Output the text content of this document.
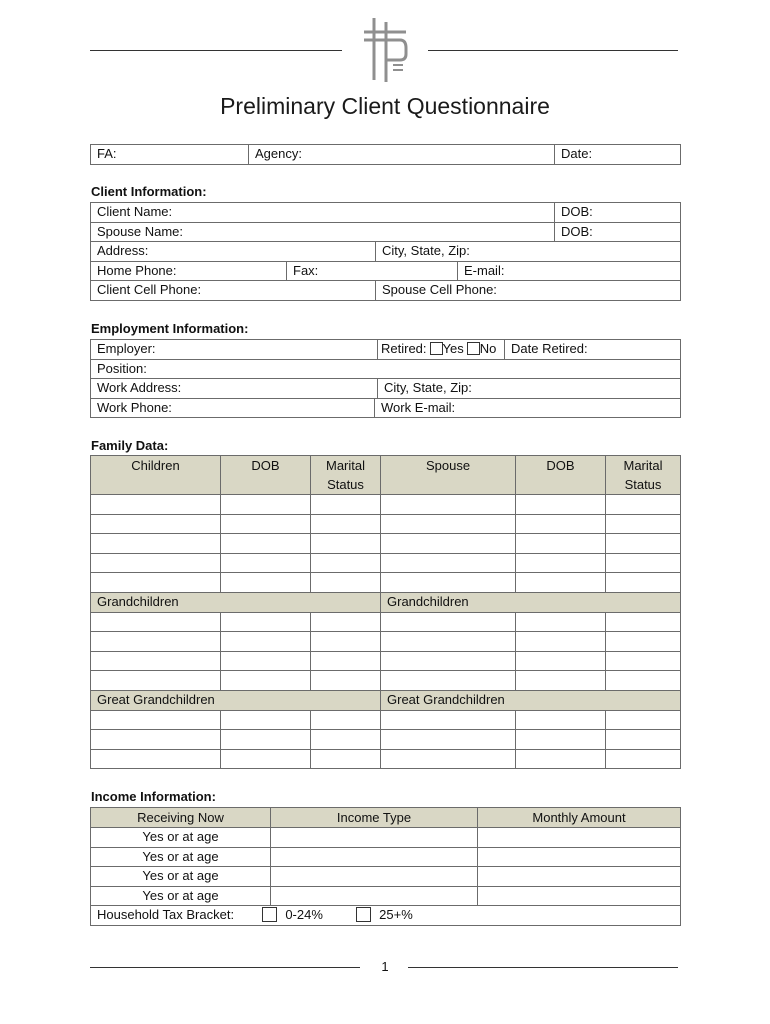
Preliminary Client Questionnaire
FA:	Agency:	Date:
Client Information:
Client Name:				DOB:
Spouse Name:				DOB:
Address:		City, State, Zip:		
Home Phone:	Fax:		E-mail:	
Client Cell Phone:		Spouse Cell Phone:		
Employment Information:
Employer:		Retired: Yes No	Date Retired:
Position:			
Work Address:		City, State, Zip:	
Work Phone:	Work E-mail:		
Family Data:
Children	DOB	Marital Status	Spouse	DOB	Marital Status

Grandchildren			Grandchildren		

Great Grandchildren			Great Grandchildren		

Income Information:
Receiving Now	Income Type	Monthly Amount
Yes or at age		
Yes or at age		
Yes or at age		
Yes or at age		
Household Tax Bracket: 0-24% 25+%		
1
